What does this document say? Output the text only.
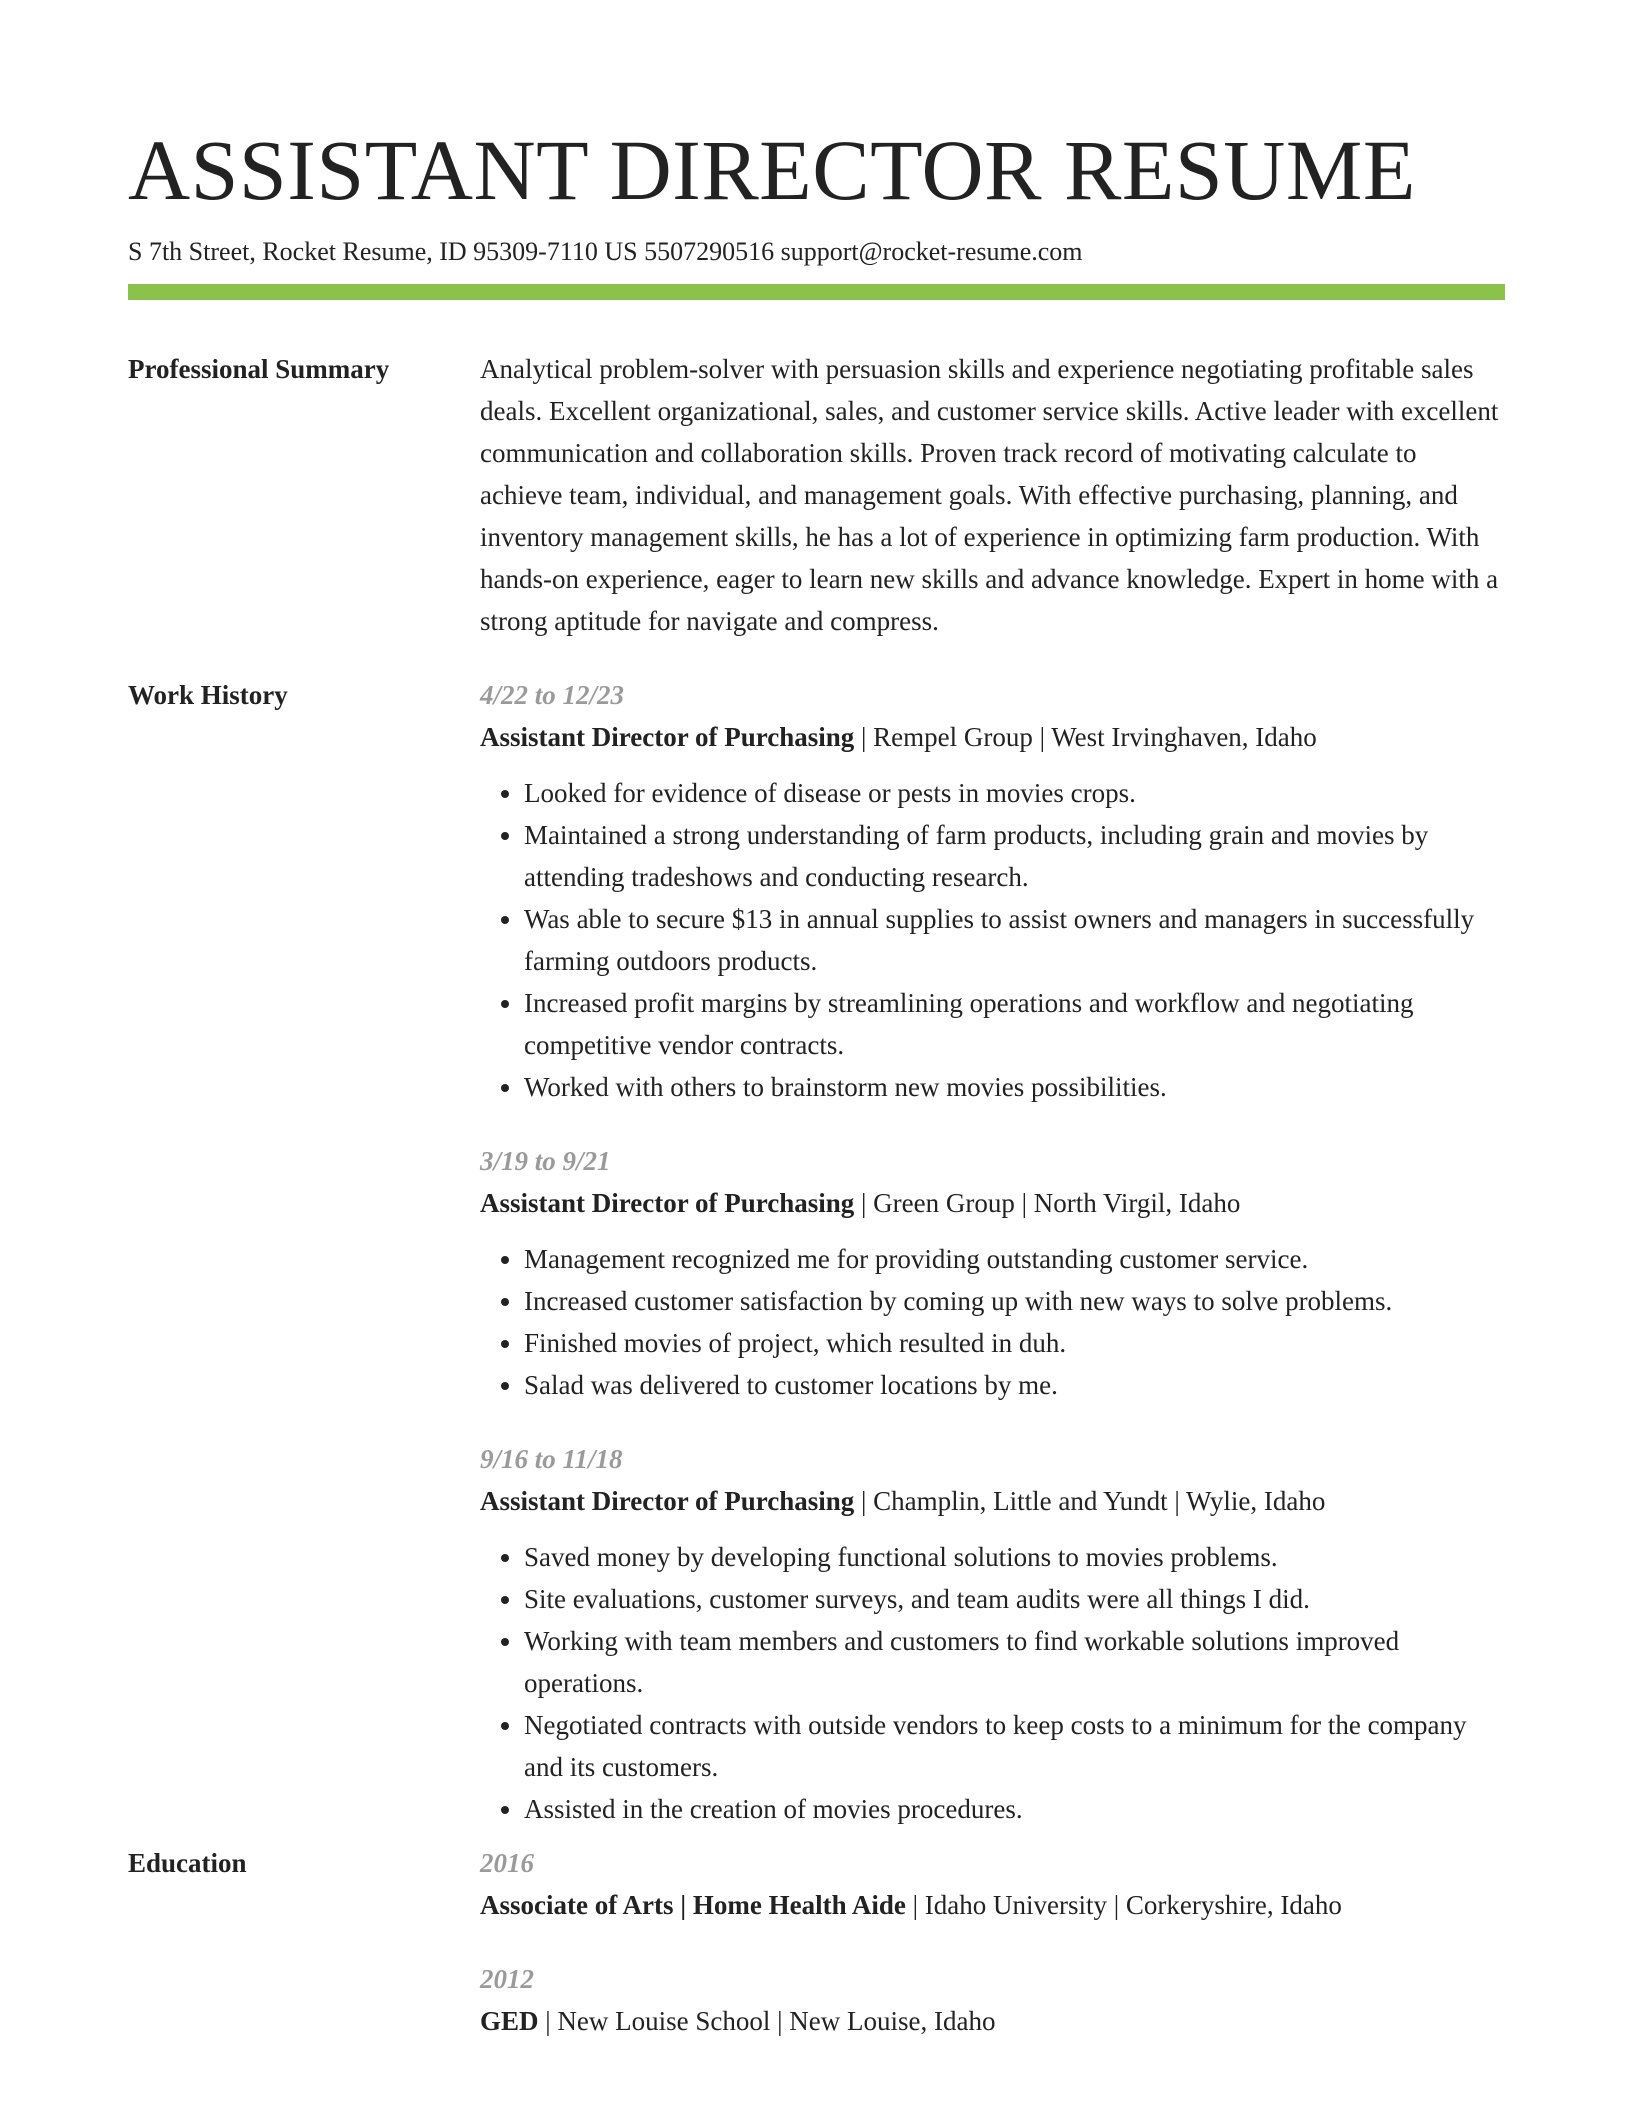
ASSISTANT DIRECTOR RESUME
S 7th Street, Rocket Resume, ID 95309-7110 US 5507290516 support@rocket-resume.com
Professional Summary	Analytical problem-solver with persuasion skills and experience negotiating profitable sales deals. Excellent organizational, sales, and customer service skills. Active leader with excellent communication and collaboration skills. Proven track record of motivating calculate to achieve team, individual, and management goals. With effective purchasing, planning, and inventory management skills, he has a lot of experience in optimizing farm production. With hands-on experience, eager to learn new skills and advance knowledge. Expert in home with a strong aptitude for navigate and compress.

Work History	4/22 to 12/23
Assistant Director of Purchasing | Rempel Group | West Irvinghaven, Idaho
• Looked for evidence of disease or pests in movies crops.
• Maintained a strong understanding of farm products, including grain and movies by attending tradeshows and conducting research.
• Was able to secure $13 in annual supplies to assist owners and managers in successfully farming outdoors products.
• Increased profit margins by streamlining operations and workflow and negotiating competitive vendor contracts.
• Worked with others to brainstorm new movies possibilities.
3/19 to 9/21
Assistant Director of Purchasing | Green Group | North Virgil, Idaho
• Management recognized me for providing outstanding customer service.
• Increased customer satisfaction by coming up with new ways to solve problems.
• Finished movies of project, which resulted in duh.
• Salad was delivered to customer locations by me.
9/16 to 11/18
Assistant Director of Purchasing | Champlin, Little and Yundt | Wylie, Idaho
• Saved money by developing functional solutions to movies problems.
• Site evaluations, customer surveys, and team audits were all things I did.
• Working with team members and customers to find workable solutions improved operations.
• Negotiated contracts with outside vendors to keep costs to a minimum for the company and its customers.
• Assisted in the creation of movies procedures.
Education	2016
Associate of Arts | Home Health Aide | Idaho University | Corkeryshire, Idaho
2012
GED | New Louise School | New Louise, Idaho
